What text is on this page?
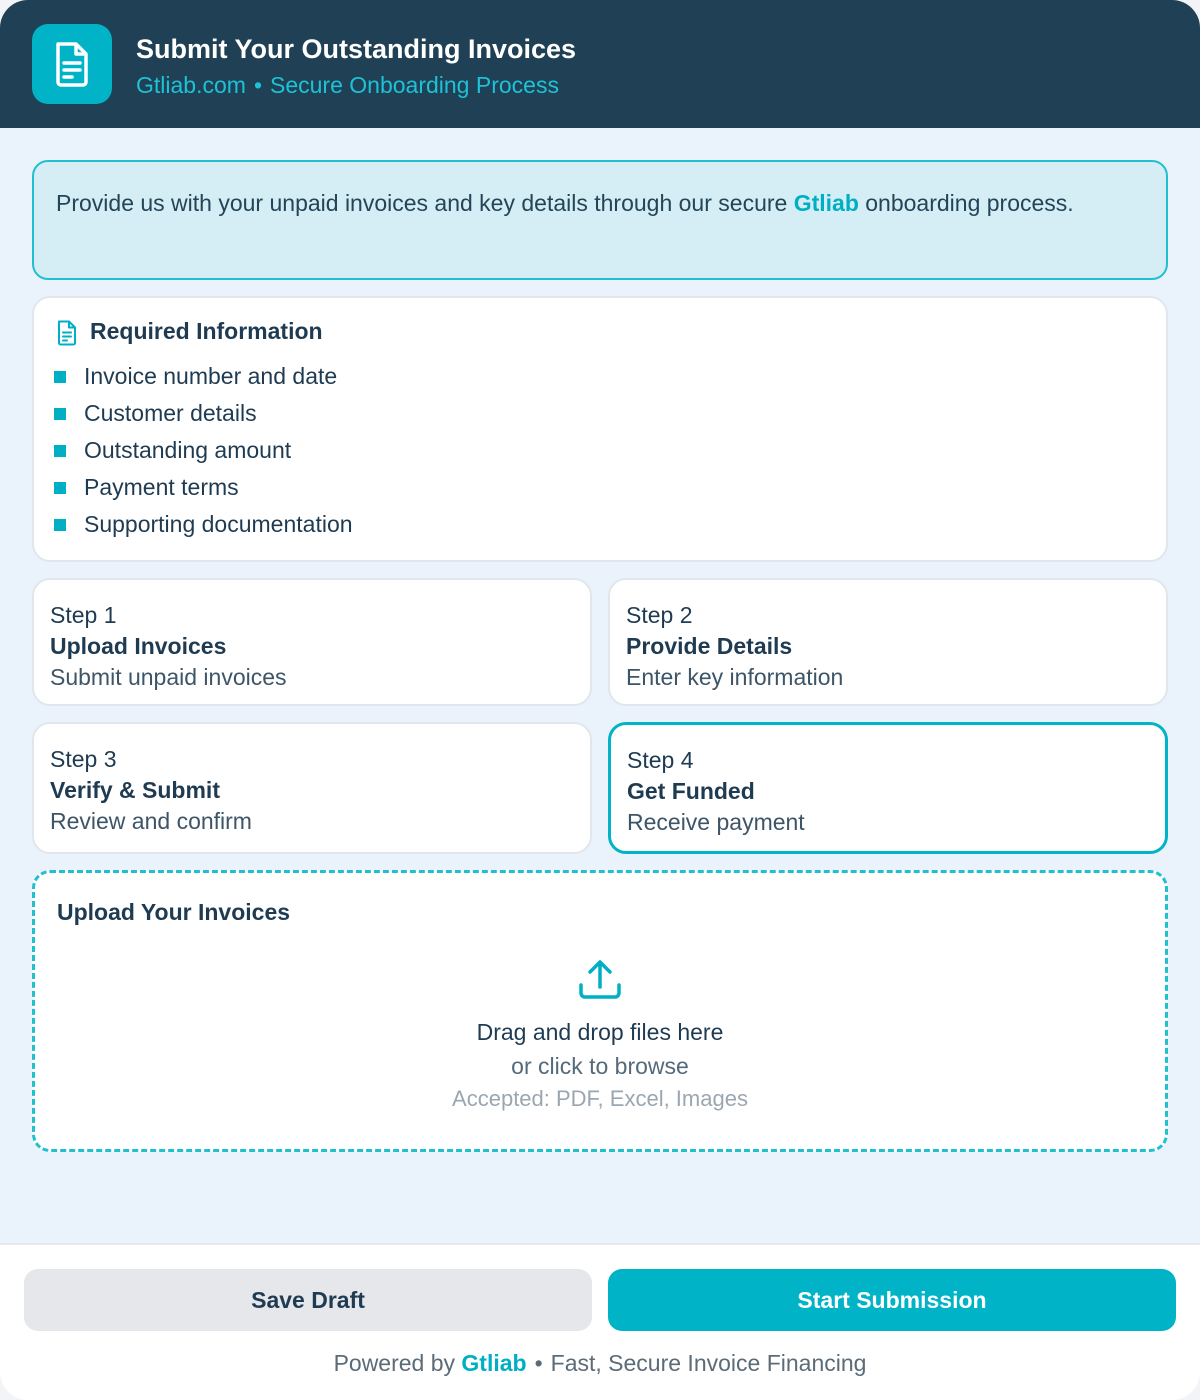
Submit Your Outstanding Invoices
Gtliab.com • Secure Onboarding Process
Provide us with your unpaid invoices and key details through our secure Gtliab onboarding process.
Required Information
Invoice number and date
Customer details
Outstanding amount
Payment terms
Supporting documentation
Step 1
Upload Invoices
Submit unpaid invoices
Step 2
Provide Details
Enter key information
Step 3
Verify & Submit
Review and confirm
Step 4
Get Funded
Receive payment
Upload Your Invoices
Drag and drop files here
or click to browse
Accepted: PDF, Excel, Images
Save Draft	Start Submission
Powered by Gtliab • Fast, Secure Invoice Financing
